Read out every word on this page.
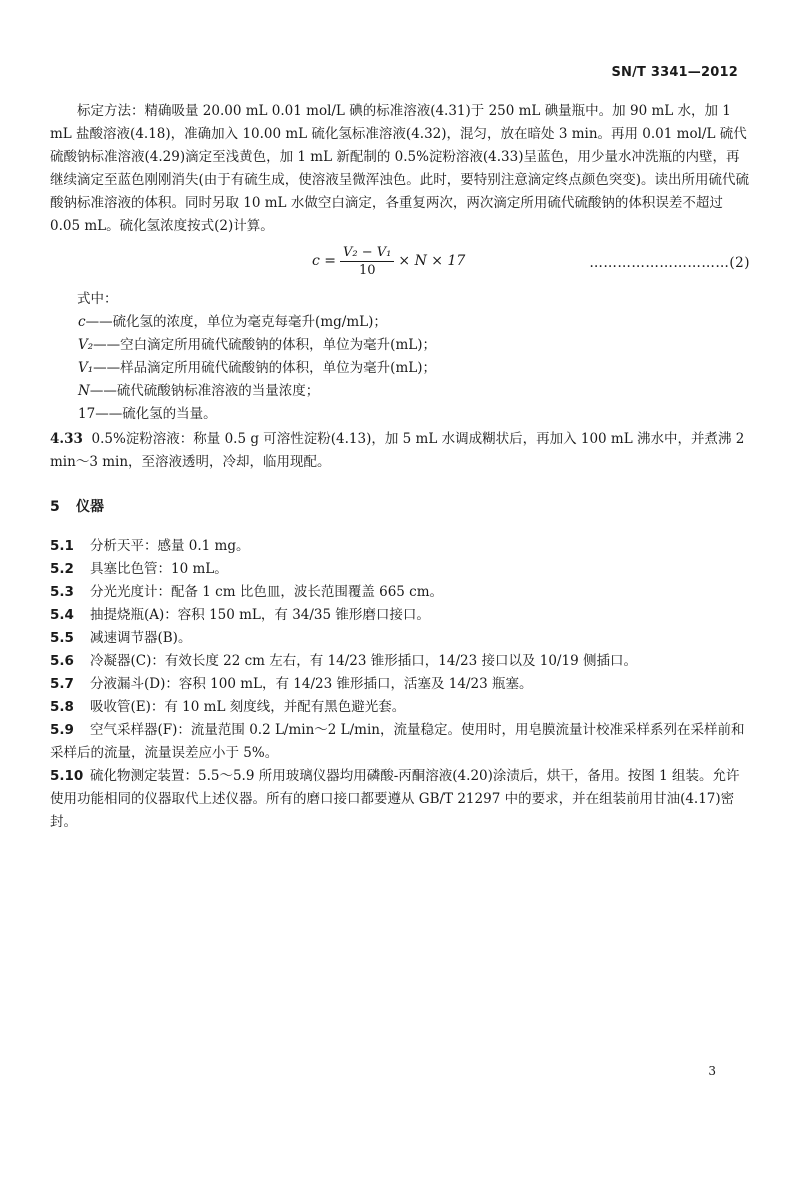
SN/T 3341—2012

标定方法：精确吸量 20.00 mL 0.01 mol/L 碘的标准溶液(4.31)于 250 mL 碘量瓶中。加 90 mL 水，加 1 mL 盐酸溶液(4.18)，准确加入 10.00 mL 硫化氢标准溶液(4.32)，混匀，放在暗处 3 min。再用 0.01 mol/L 硫代硫酸钠标准溶液(4.29)滴定至浅黄色，加 1 mL 新配制的 0.5%淀粉溶液(4.33)呈蓝色，用少量水冲洗瓶的内壁，再继续滴定至蓝色刚刚消失(由于有硫生成，使溶液呈微浑浊色。此时，要特别注意滴定终点颜色突变)。读出所用硫代硫酸钠标准溶液的体积。同时另取 10 mL 水做空白滴定，各重复两次，两次滴定所用硫代硫酸钠的体积误差不超过 0.05 mL。硫化氢浓度按式(2)计算。

$c = \frac{\text{V₂ − V₁}}{10} \times N \times 17$	…………………………(2)

式中：

c——硫化氢的浓度，单位为毫克每毫升(mg/mL)；

V₂——空白滴定所用硫代硫酸钠的体积，单位为毫升(mL)；

V₁——样品滴定所用硫代硫酸钠的体积，单位为毫升(mL)；

N——硫代硫酸钠标准溶液的当量浓度；

17——硫化氢的当量。

4.33 0.5%淀粉溶液：称量 0.5 g 可溶性淀粉(4.13)，加 5 mL 水调成糊状后，再加入 100 mL 沸水中，并煮沸 2 min～3 min，至溶液透明，冷却，临用现配。

5 仪器

5.1 分析天平：感量 0.1 mg。

5.2 具塞比色管：10 mL。

5.3 分光光度计：配备 1 cm 比色皿，波长范围覆盖 665 cm。

5.4 抽提烧瓶(A)：容积 150 mL，有 34/35 锥形磨口接口。

5.5 减速调节器(B)。

5.6 冷凝器(C)：有效长度 22 cm 左右，有 14/23 锥形插口，14/23 接口以及 10/19 侧插口。

5.7 分液漏斗(D)：容积 100 mL，有 14/23 锥形插口，活塞及 14/23 瓶塞。

5.8 吸收管(E)：有 10 mL 刻度线，并配有黑色避光套。

5.9 空气采样器(F)：流量范围 0.2 L/min～2 L/min，流量稳定。使用时，用皂膜流量计校准采样系列在采样前和采样后的流量，流量误差应小于 5%。

5.10 硫化物测定装置：5.5～5.9 所用玻璃仪器均用磷酸-丙酮溶液(4.20)涂渍后，烘干，备用。按图 1 组装。允许使用功能相同的仪器取代上述仪器。所有的磨口接口都要遵从 GB/T 21297 中的要求，并在组装前用甘油(4.17)密封。

3
